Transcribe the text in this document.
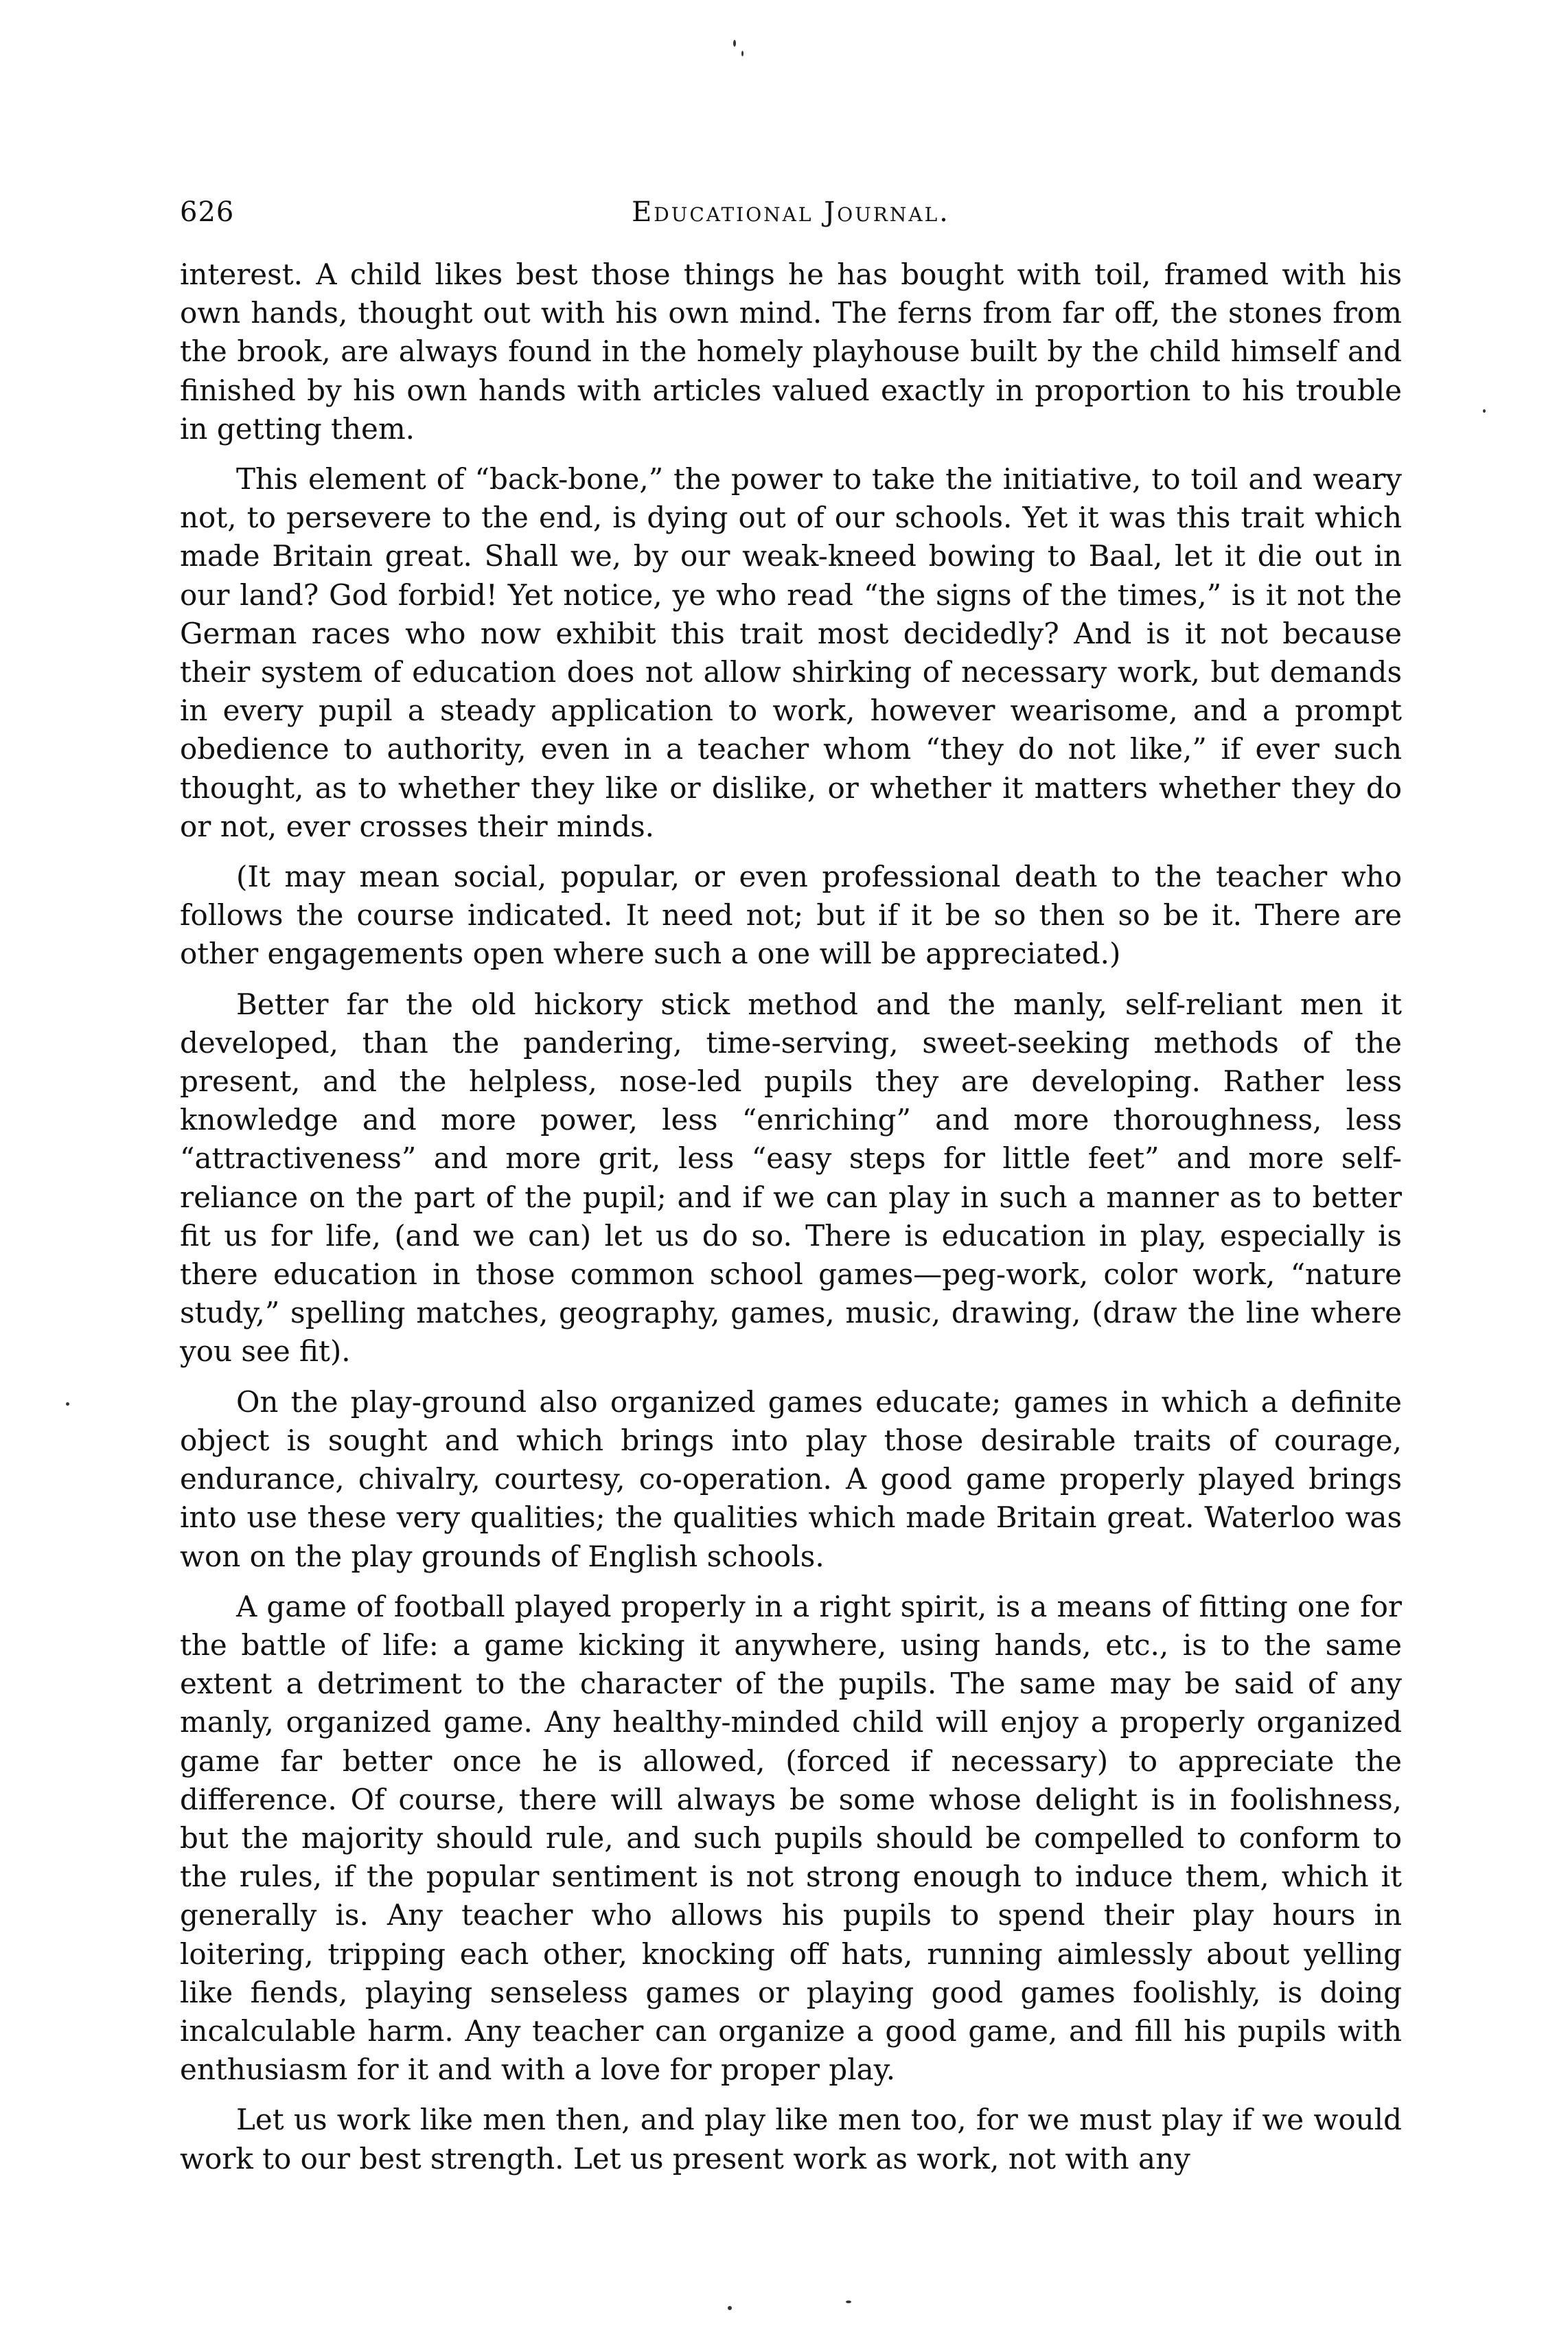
626	Educational Journal.

interest. A child likes best those things he has bought with toil, framed with his own hands, thought out with his own mind. The ferns from far off, the stones from the brook, are always found in the homely playhouse built by the child himself and finished by his own hands with articles valued exactly in proportion to his trouble in getting them.

This element of “back-bone,” the power to take the initiative, to toil and weary not, to persevere to the end, is dying out of our schools. Yet it was this trait which made Britain great. Shall we, by our weak-kneed bowing to Baal, let it die out in our land? God forbid! Yet notice, ye who read “the signs of the times,” is it not the German races who now exhibit this trait most decidedly? And is it not because their system of education does not allow shirking of necessary work, but demands in every pupil a steady application to work, however wearisome, and a prompt obedience to authority, even in a teacher whom “they do not like,” if ever such thought, as to whether they like or dislike, or whether it matters whether they do or not, ever crosses their minds.

(It may mean social, popular, or even professional death to the teacher who follows the course indicated. It need not; but if it be so then so be it. There are other engagements open where such a one will be appreciated.)

Better far the old hickory stick method and the manly, self-reliant men it developed, than the pandering, time-serving, sweet-seeking methods of the present, and the helpless, nose-led pupils they are developing. Rather less knowledge and more power, less “enriching” and more thoroughness, less “attractiveness” and more grit, less “easy steps for little feet” and more self-reliance on the part of the pupil; and if we can play in such a manner as to better fit us for life, (and we can) let us do so. There is education in play, especially is there education in those common school games—peg-work, color work, “nature study,” spelling matches, geography, games, music, drawing, (draw the line where you see fit).

On the play-ground also organized games educate; games in which a definite object is sought and which brings into play those desirable traits of courage, endurance, chivalry, courtesy, co-operation. A good game properly played brings into use these very qualities; the qualities which made Britain great. Waterloo was won on the play grounds of English schools.

A game of football played properly in a right spirit, is a means of fitting one for the battle of life: a game kicking it anywhere, using hands, etc., is to the same extent a detriment to the character of the pupils. The same may be said of any manly, organized game. Any healthy-minded child will enjoy a properly organized game far better once he is allowed, (forced if necessary) to appreciate the difference. Of course, there will always be some whose delight is in foolishness, but the majority should rule, and such pupils should be compelled to conform to the rules, if the popular sentiment is not strong enough to induce them, which it generally is. Any teacher who allows his pupils to spend their play hours in loitering, tripping each other, knocking off hats, running aimlessly about yelling like fiends, playing senseless games or playing good games foolishly, is doing incalculable harm. Any teacher can organize a good game, and fill his pupils with enthusiasm for it and with a love for proper play.

Let us work like men then, and play like men too, for we must play if we would work to our best strength. Let us present work as work, not with any
